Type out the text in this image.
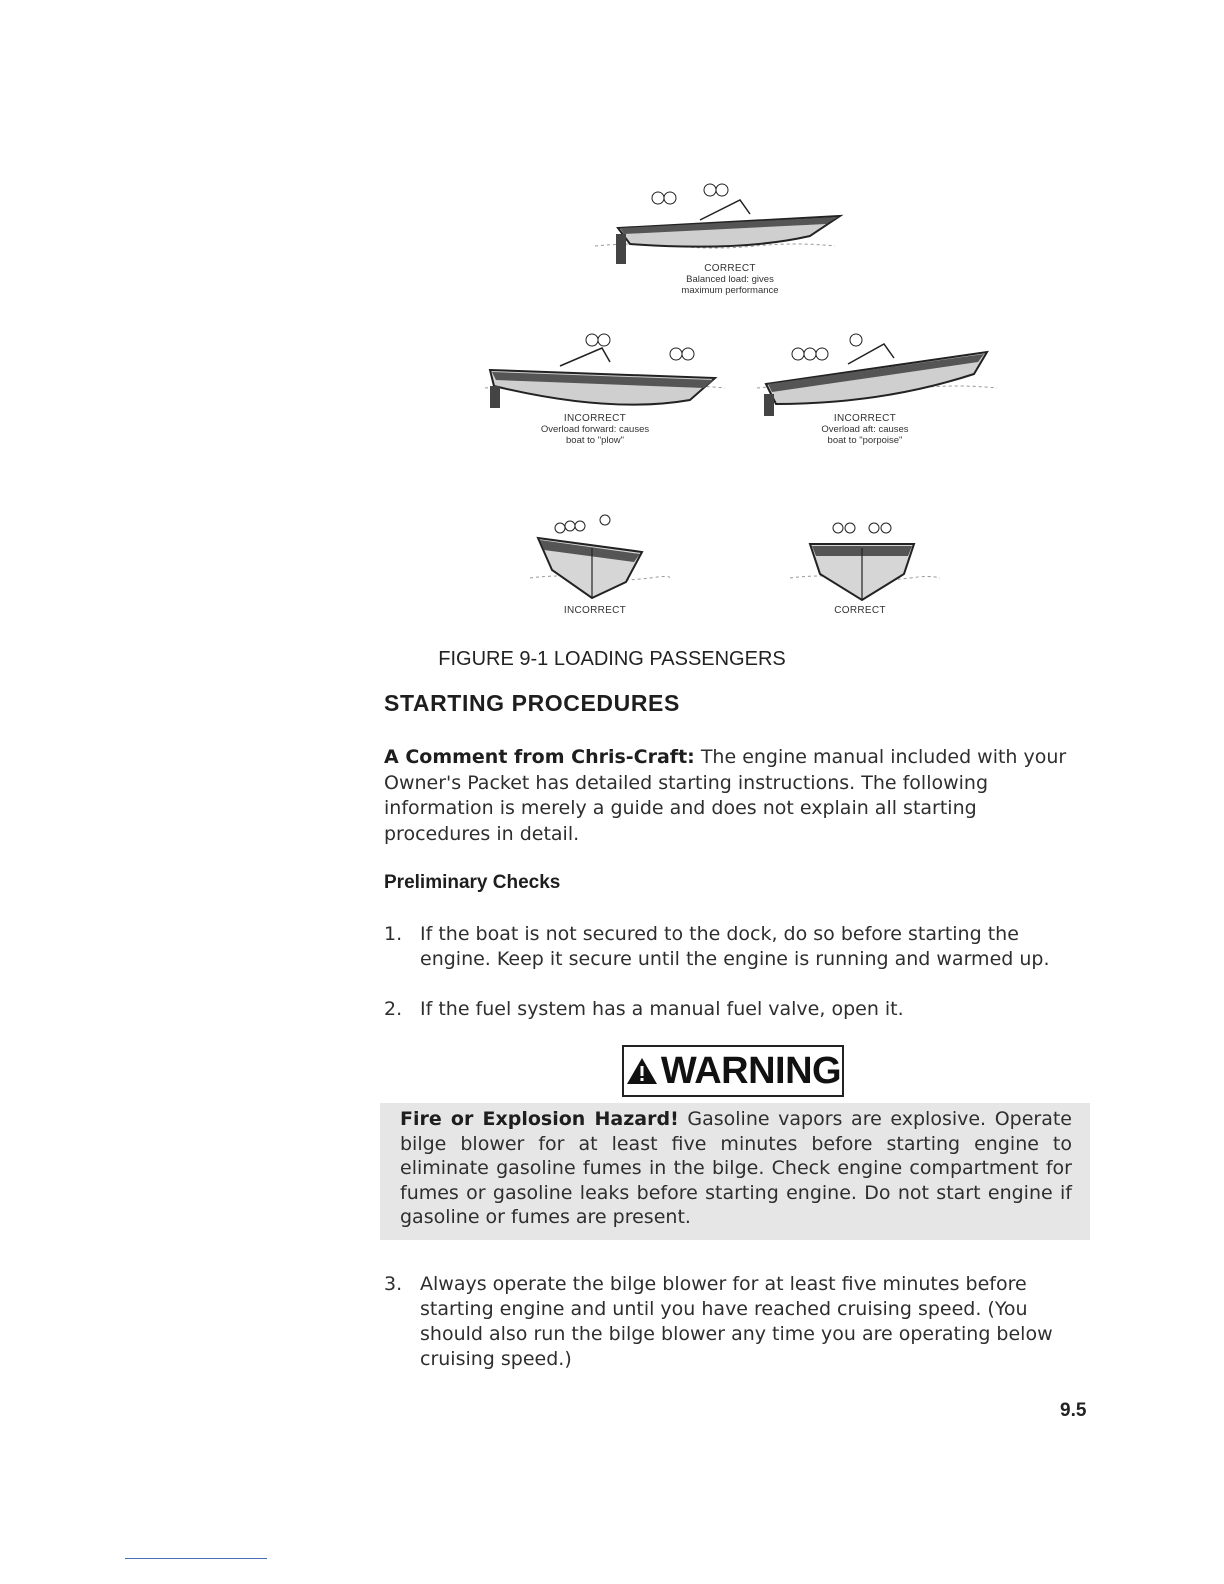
CORRECT
Balanced load: gives
maximum performance
INCORRECT
Overload forward: causes
boat to "plow"
INCORRECT
Overload aft: causes
boat to "porpoise"
INCORRECT	CORRECT
FIGURE 9-1 LOADING PASSENGERS
STARTING PROCEDURES
A Comment from Chris-Craft: The engine manual included with your Owner's Packet has detailed starting instructions. The following information is merely a guide and does not explain all starting procedures in detail.
Preliminary Checks
1. If the boat is not secured to the dock, do so before starting the engine. Keep it secure until the engine is running and warmed up.
2. If the fuel system has a manual fuel valve, open it.
WARNING
Fire or Explosion Hazard! Gasoline vapors are explosive. Operate bilge blower for at least five minutes before starting engine to eliminate gasoline fumes in the bilge. Check engine compartment for fumes or gasoline leaks before starting engine. Do not start engine if gasoline or fumes are present.
3. Always operate the bilge blower for at least five minutes before starting engine and until you have reached cruising speed. (You should also run the bilge blower any time you are operating below cruising speed.)
9.5
